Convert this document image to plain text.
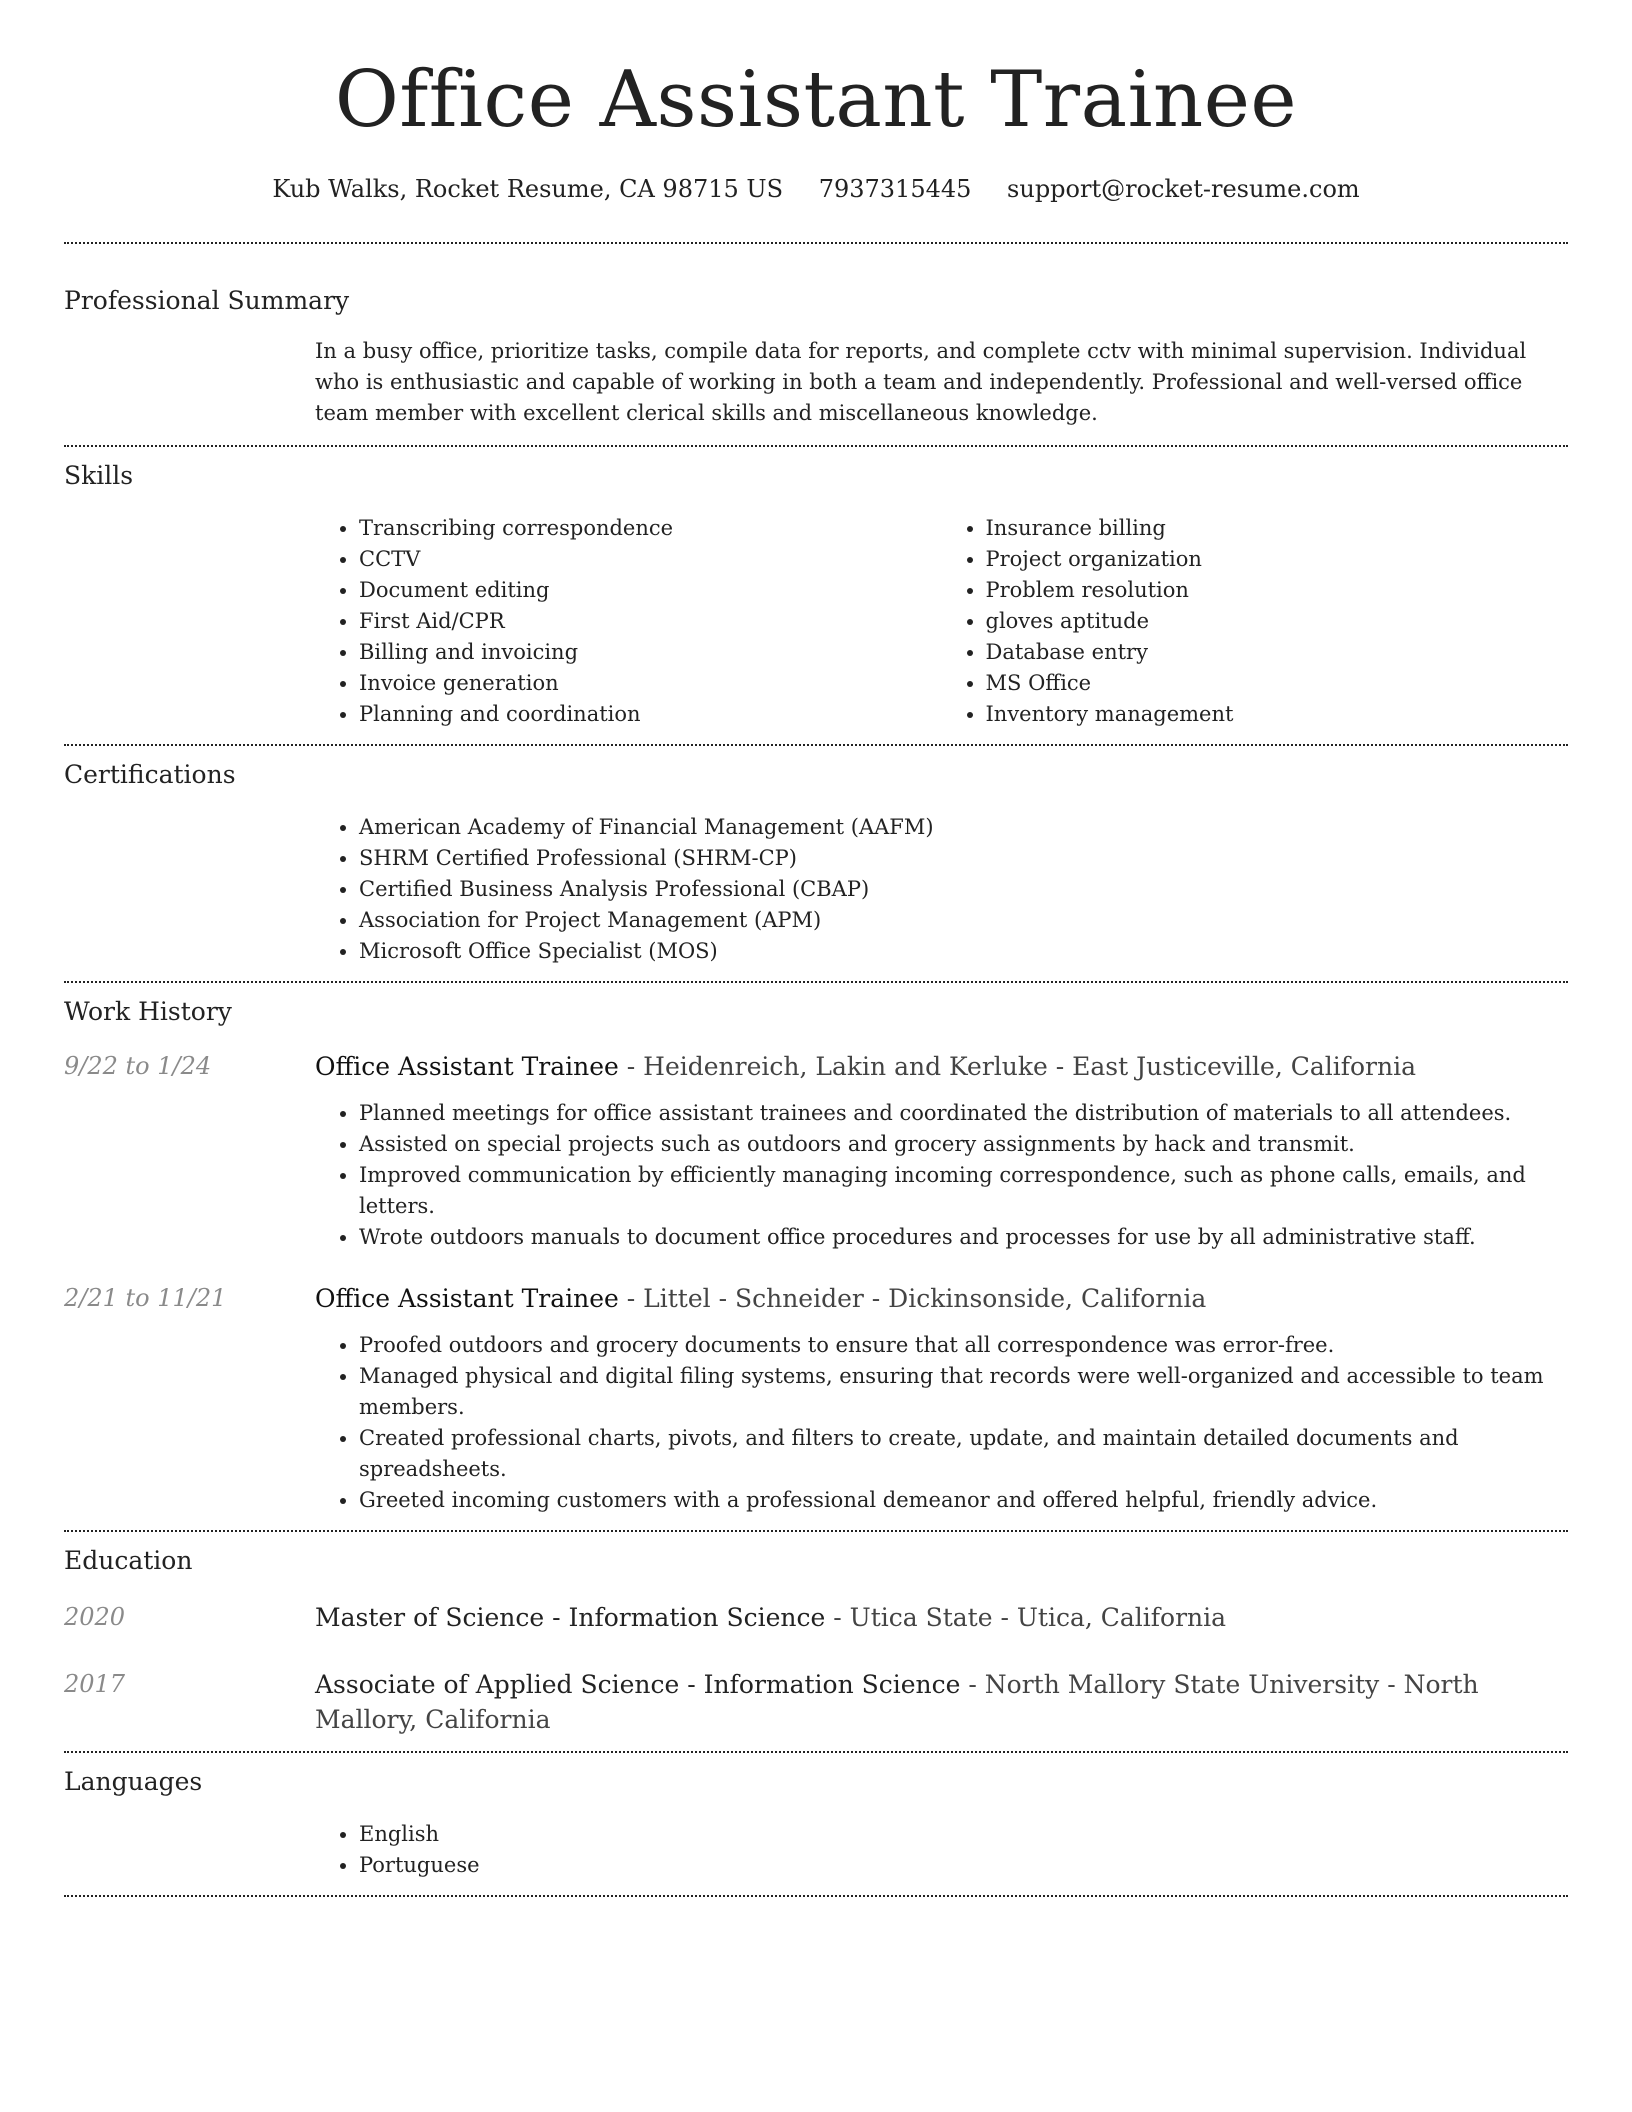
Office Assistant Trainee
Kub Walks, Rocket Resume, CA 98715 US 7937315445 support@rocket-resume.com
Professional Summary
In a busy office, prioritize tasks, compile data for reports, and complete cctv with minimal supervision. Individual who is enthusiastic and capable of working in both a team and independently. Professional and well-versed office team member with excellent clerical skills and miscellaneous knowledge.
Skills
• Transcribing correspondence
• CCTV
• Document editing
• First Aid/CPR
• Billing and invoicing
• Invoice generation
• Planning and coordination
• Insurance billing
• Project organization
• Problem resolution
• gloves aptitude
• Database entry
• MS Office
• Inventory management
Certifications
• American Academy of Financial Management (AAFM)
• SHRM Certified Professional (SHRM-CP)
• Certified Business Analysis Professional (CBAP)
• Association for Project Management (APM)
• Microsoft Office Specialist (MOS)
Work History
9/22 to 1/24	Office Assistant Trainee - Heidenreich, Lakin and Kerluke - East Justiceville, California
• Planned meetings for office assistant trainees and coordinated the distribution of materials to all attendees.
• Assisted on special projects such as outdoors and grocery assignments by hack and transmit.
• Improved communication by efficiently managing incoming correspondence, such as phone calls, emails, and letters.
• Wrote outdoors manuals to document office procedures and processes for use by all administrative staff.
2/21 to 11/21	Office Assistant Trainee - Littel - Schneider - Dickinsonside, California
• Proofed outdoors and grocery documents to ensure that all correspondence was error-free.
• Managed physical and digital filing systems, ensuring that records were well-organized and accessible to team members.
• Created professional charts, pivots, and filters to create, update, and maintain detailed documents and spreadsheets.
• Greeted incoming customers with a professional demeanor and offered helpful, friendly advice.
Education
2020	Master of Science - Information Science - Utica State - Utica, California
2017	Associate of Applied Science - Information Science - North Mallory State University - North Mallory, California
Languages
• English
• Portuguese
